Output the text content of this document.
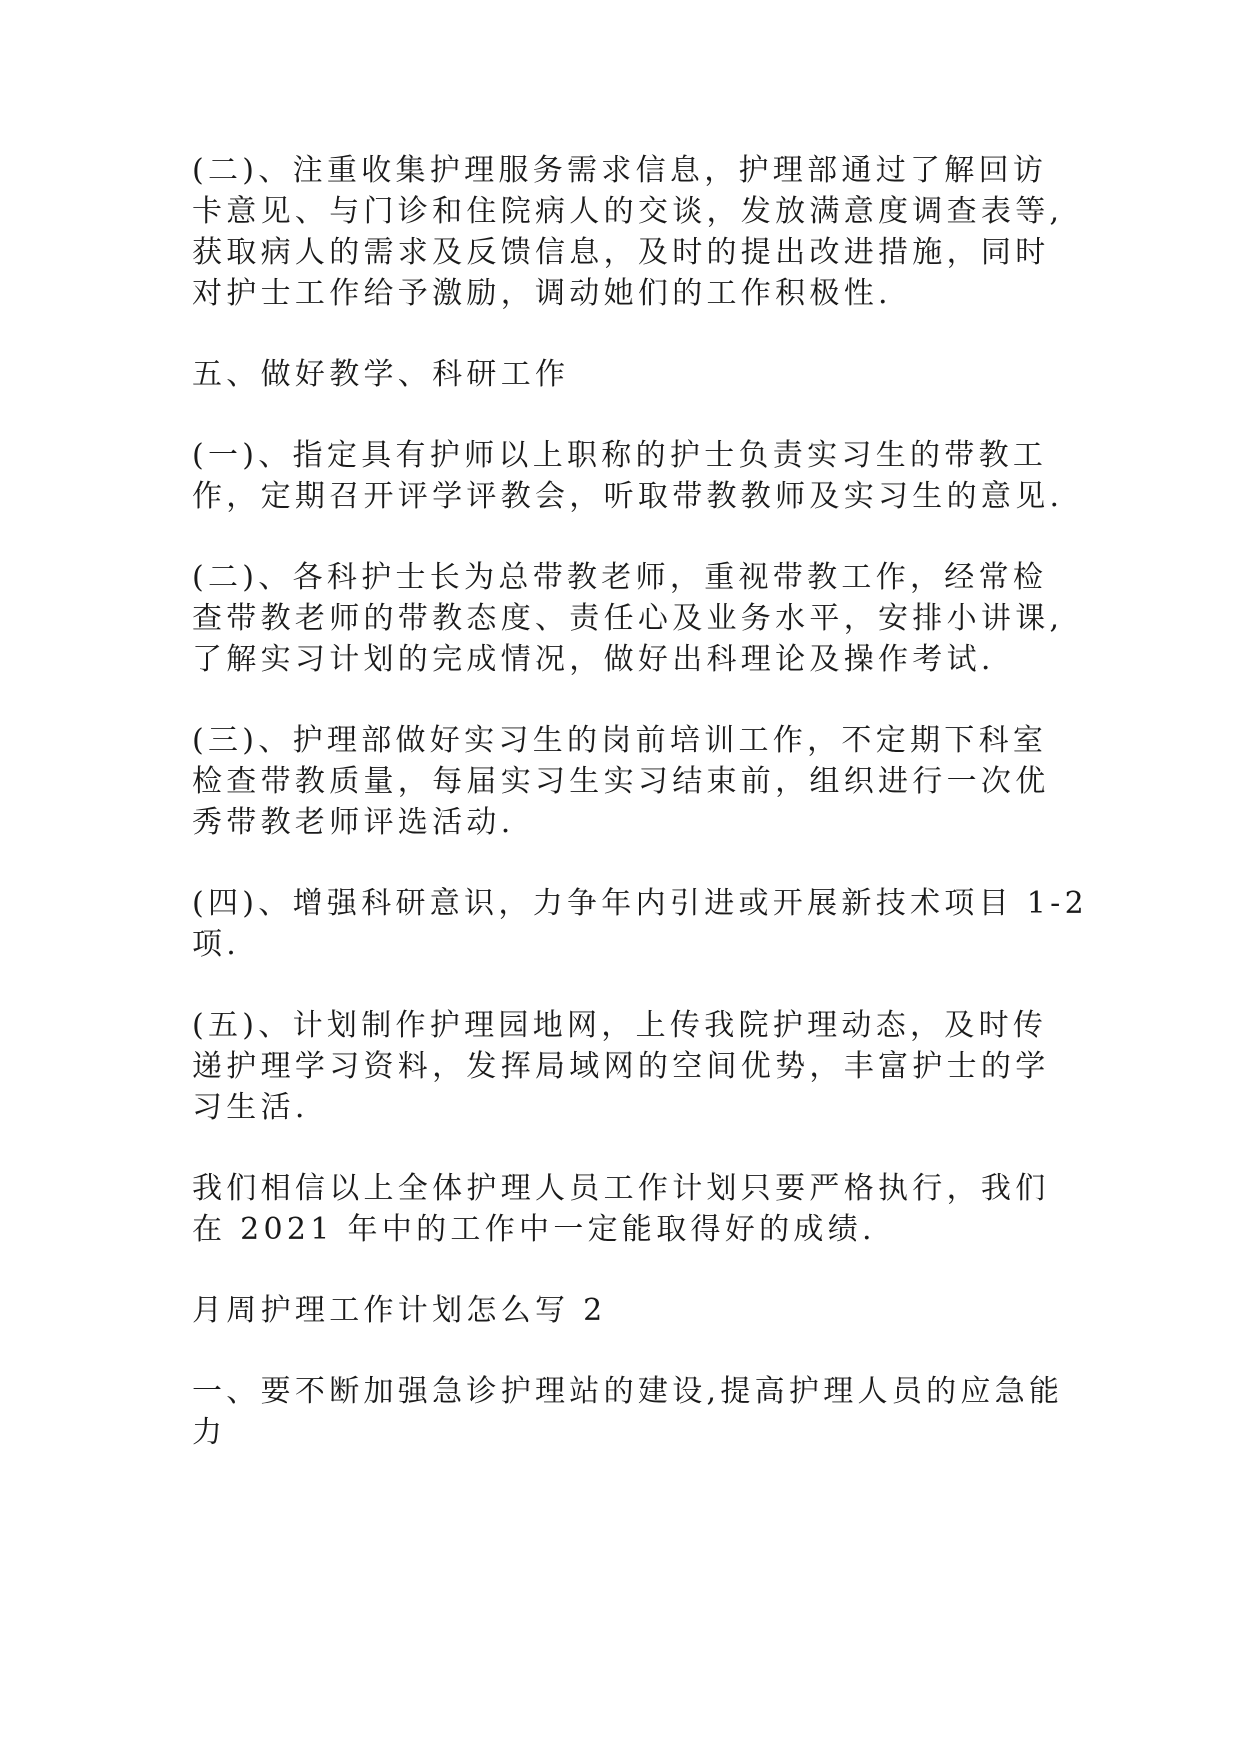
(二)、注重收集护理服务需求信息，护理部通过了解回访
卡意见、与门诊和住院病人的交谈，发放满意度调查表等,
获取病人的需求及反馈信息，及时的提出改进措施，同时
对护士工作给予激励，调动她们的工作积极性.

五、做好教学、科研工作

(一)、指定具有护师以上职称的护士负责实习生的带教工
作，定期召开评学评教会，听取带教教师及实习生的意见.

(二)、各科护士长为总带教老师，重视带教工作，经常检
查带教老师的带教态度、责任心及业务水平，安排小讲课,
了解实习计划的完成情况，做好出科理论及操作考试.

(三)、护理部做好实习生的岗前培训工作，不定期下科室
检查带教质量，每届实习生实习结束前，组织进行一次优
秀带教老师评选活动.

(四)、增强科研意识，力争年内引进或开展新技术项目 1-2
项.

(五)、计划制作护理园地网，上传我院护理动态，及时传
递护理学习资料，发挥局域网的空间优势，丰富护士的学
习生活.

我们相信以上全体护理人员工作计划只要严格执行，我们
在 2021 年中的工作中一定能取得好的成绩.

月周护理工作计划怎么写 2

一、要不断加强急诊护理站的建设,提高护理人员的应急能
力
